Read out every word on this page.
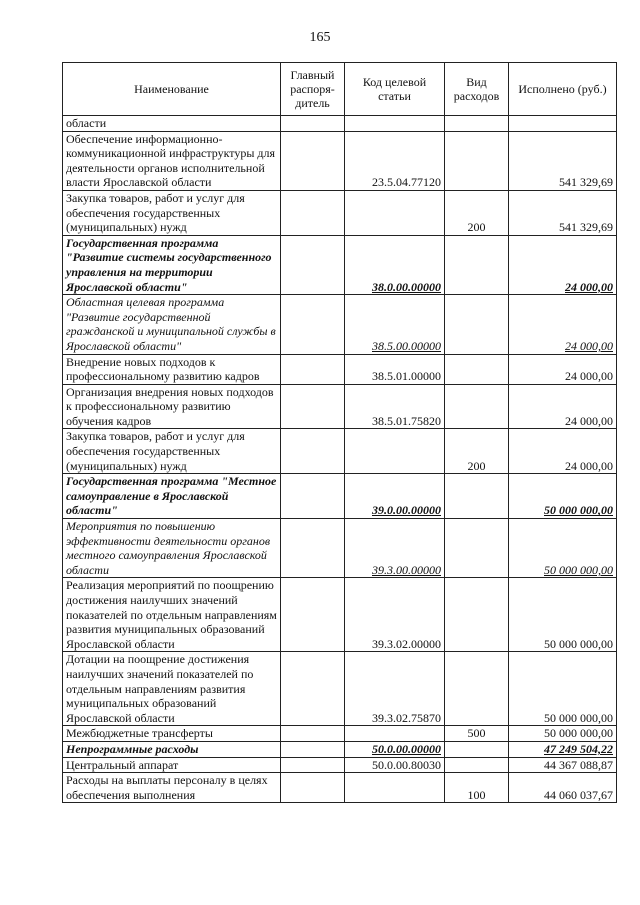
165
Наименование	Главный распоря-дитель	Код целевой статьи	Вид расходов	Исполнено (руб.)
области				
Обеспечение информационно-коммуникационной инфраструктуры для деятельности органов исполнительной власти Ярославской области		23.5.04.77120		541 329,69
Закупка товаров, работ и услуг для обеспечения государственных (муниципальных) нужд			200	541 329,69
Государственная программа "Развитие системы государственного управления на территории Ярославской области"		38.0.00.00000		24 000,00
Областная целевая программа "Развитие государственной гражданской и муниципальной службы в Ярославской области"		38.5.00.00000		24 000,00
Внедрение новых подходов к профессиональному развитию кадров		38.5.01.00000		24 000,00
Организация внедрения новых подходов к профессиональному развитию обучения кадров		38.5.01.75820		24 000,00
Закупка товаров, работ и услуг для обеспечения государственных (муниципальных) нужд			200	24 000,00
Государственная программа "Местное самоуправление в Ярославской области"		39.0.00.00000		50 000 000,00
Мероприятия по повышению эффективности деятельности органов местного самоуправления Ярославской области		39.3.00.00000		50 000 000,00
Реализация мероприятий по поощрению достижения наилучших значений показателей по отдельным направлениям развития муниципальных образований Ярославской области		39.3.02.00000		50 000 000,00
Дотации на поощрение достижения наилучших значений показателей по отдельным направлениям развития муниципальных образований Ярославской области		39.3.02.75870		50 000 000,00
Межбюджетные трансферты			500	50 000 000,00
Непрограммные расходы		50.0.00.00000		47 249 504,22
Центральный аппарат		50.0.00.80030		44 367 088,87
Расходы на выплаты персоналу в целях обеспечения выполнения			100	44 060 037,67
